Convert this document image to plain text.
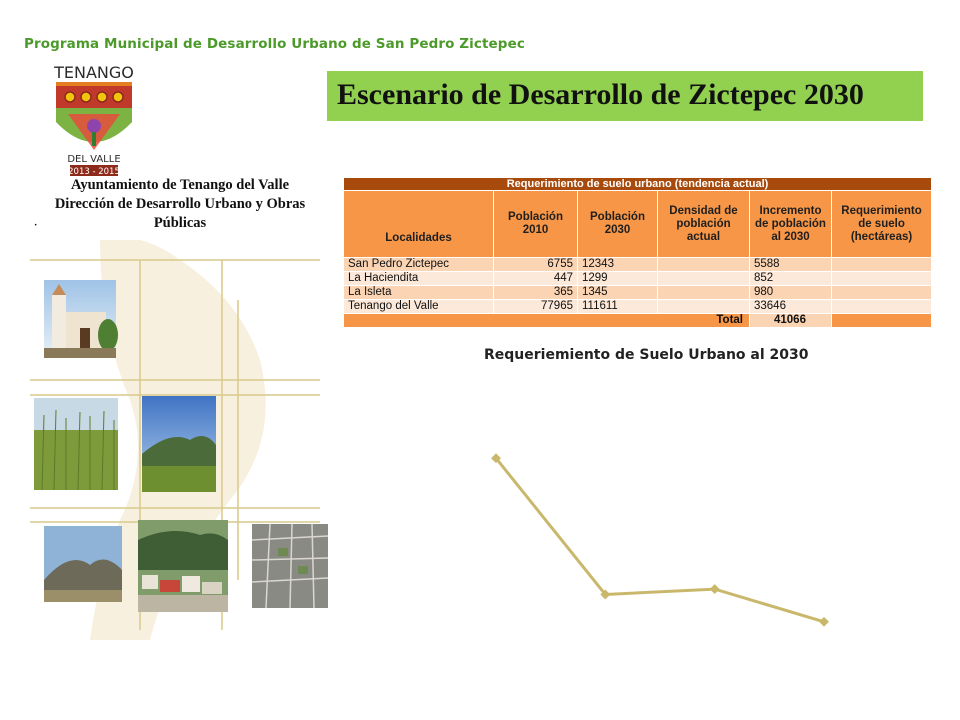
Programa Municipal de Desarrollo Urbano de San Pedro Zictepec
TENANGO
DEL VALLE
2013 - 2015
Ayuntamiento de Tenango del Valle
Dirección de Desarrollo Urbano y Obras
Públicas
·
Escenario de Desarrollo de Zictepec 2030
Requerimiento de suelo urbano (tendencia actual)					
Localidades	Población 2010	Población 2030	Densidad de población actual	Incremento de población al 2030	Requerimiento de suelo (hectáreas)
San Pedro Zictepec	6755	12343		5588	
La Haciendita	447	1299		852	
La Isleta	365	1345		980	
Tenango del Valle	77965	111611		33646	
Total				41066	
Requeriemiento de Suelo Urbano al 2030
